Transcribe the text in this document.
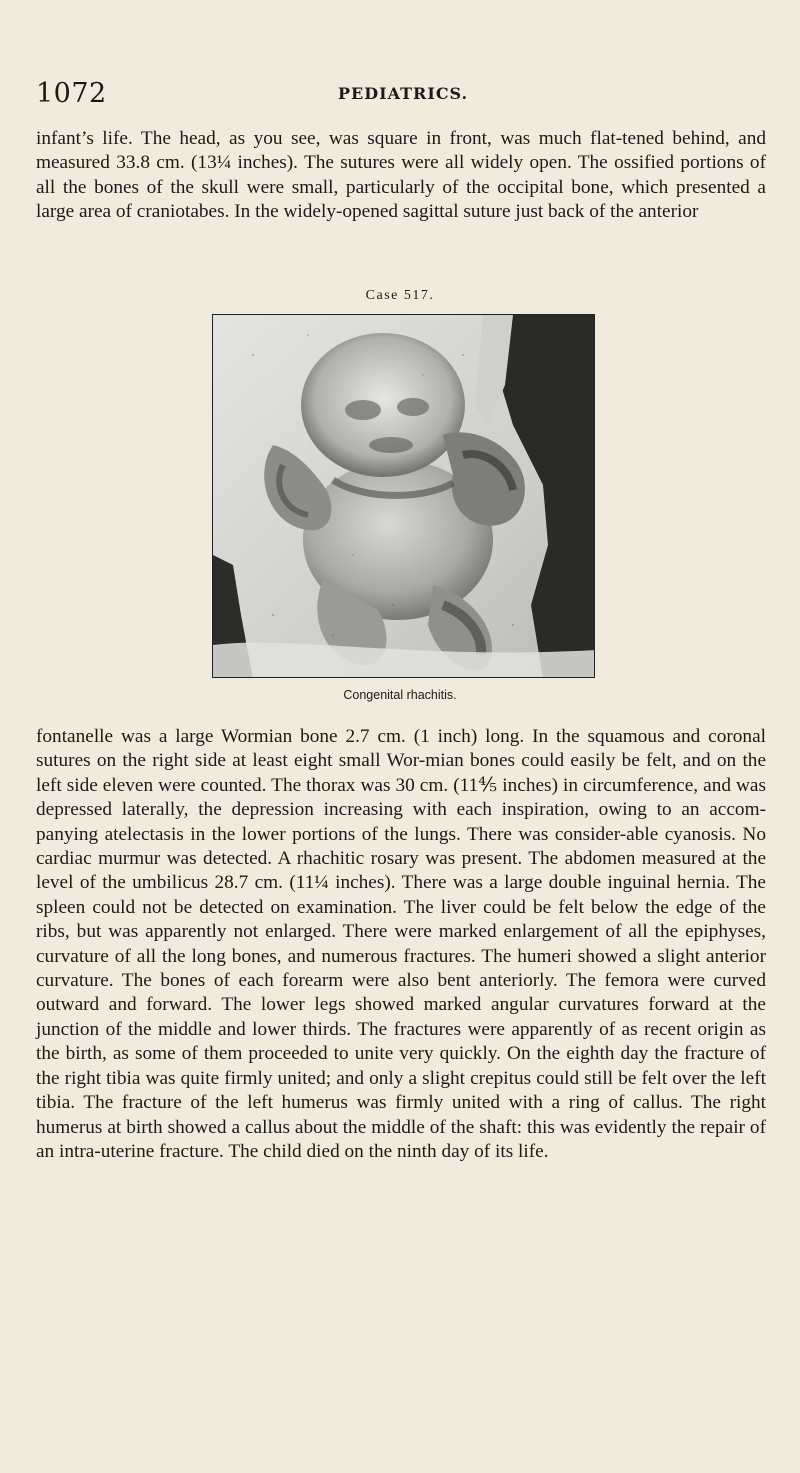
1072	PEDIATRICS.

infant’s life. The head, as you see, was square in front, was much flat-tened behind, and measured 33.8 cm. (13¼ inches). The sutures were all widely open. The ossified portions of all the bones of the skull were small, particularly of the occipital bone, which presented a large area of craniotabes. In the widely-opened sagittal suture just back of the anterior

Case 517.
Congenital rhachitis.

fontanelle was a large Wormian bone 2.7 cm. (1 inch) long. In the squamous and coronal sutures on the right side at least eight small Wor-mian bones could easily be felt, and on the left side eleven were counted. The thorax was 30 cm. (11⅘ inches) in circumference, and was depressed laterally, the depression increasing with each inspiration, owing to an accom-panying atelectasis in the lower portions of the lungs. There was consider-able cyanosis. No cardiac murmur was detected. A rhachitic rosary was present. The abdomen measured at the level of the umbilicus 28.7 cm. (11¼ inches). There was a large double inguinal hernia. The spleen could not be detected on examination. The liver could be felt below the edge of the ribs, but was apparently not enlarged. There were marked enlargement of all the epiphyses, curvature of all the long bones, and numerous fractures. The humeri showed a slight anterior curvature. The bones of each forearm were also bent anteriorly. The femora were curved outward and forward. The lower legs showed marked angular curvatures forward at the junction of the middle and lower thirds. The fractures were apparently of as recent origin as the birth, as some of them proceeded to unite very quickly. On the eighth day the fracture of the right tibia was quite firmly united; and only a slight crepitus could still be felt over the left tibia. The fracture of the left humerus was firmly united with a ring of callus. The right humerus at birth showed a callus about the middle of the shaft: this was evidently the repair of an intra-uterine fracture. The child died on the ninth day of its life.
